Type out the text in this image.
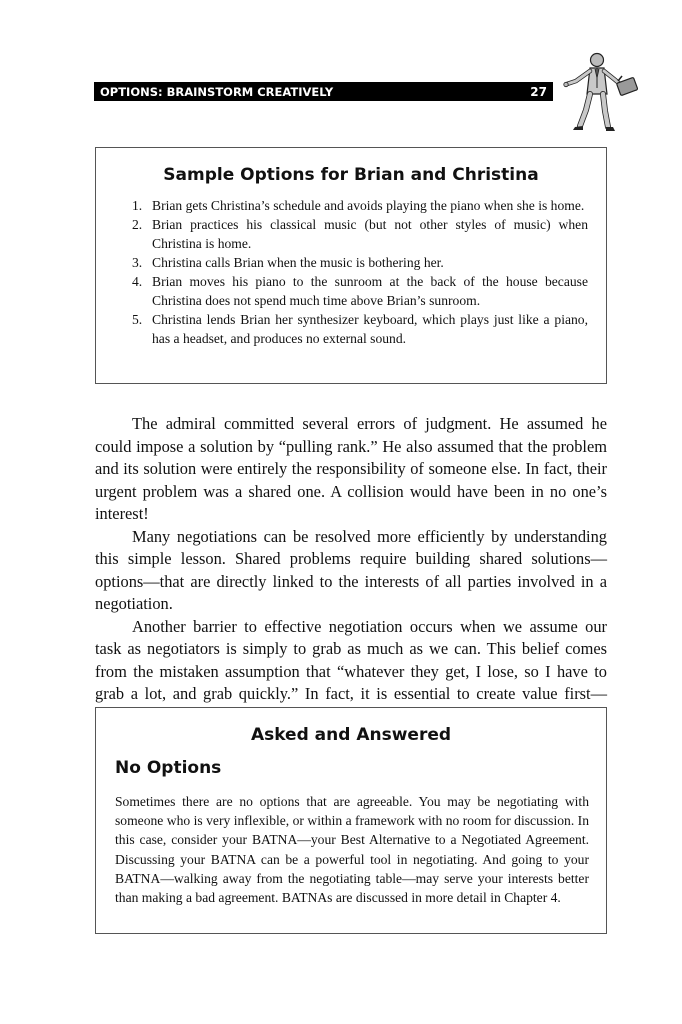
OPTIONS: BRAINSTORM CREATIVELY	27
Sample Options for Brian and Christina
1. Brian gets Christina’s schedule and avoids playing the piano when she is home.
2. Brian practices his classical music (but not other styles of music) when Christina is home.
3. Christina calls Brian when the music is bothering her.
4. Brian moves his piano to the sunroom at the back of the house because Christina does not spend much time above Brian’s sunroom.
5. Christina lends Brian her synthesizer keyboard, which plays just like a piano, has a headset, and produces no external sound.

The admiral committed several errors of judgment. He assumed he could impose a solution by “pulling rank.” He also assumed that the problem and its solution were entirely the responsibility of someone else. In fact, their urgent problem was a shared one. A collision would have been in no one’s interest!

Many negotiations can be resolved more efficiently by understanding this simple lesson. Shared problems require building shared solutions—options—that are directly linked to the interests of all parties involved in a negotiation.

Another barrier to effective negotiation occurs when we assume our task as negotiators is simply to grab as much as we can. This belief comes from the mistaken assumption that “whatever they get, I lose, so I have to grab a lot, and grab quickly.” In fact, it is essential to create value first—

Asked and Answered
No Options

Sometimes there are no options that are agreeable. You may be negotiating with someone who is very inflexible, or within a framework with no room for discussion. In this case, consider your BATNA—your Best Alternative to a Negotiated Agreement. Discussing your BATNA can be a powerful tool in negotiating. And going to your BATNA—walking away from the negotiating table—may serve your interests better than making a bad agreement. BATNAs are discussed in more detail in Chapter 4.
